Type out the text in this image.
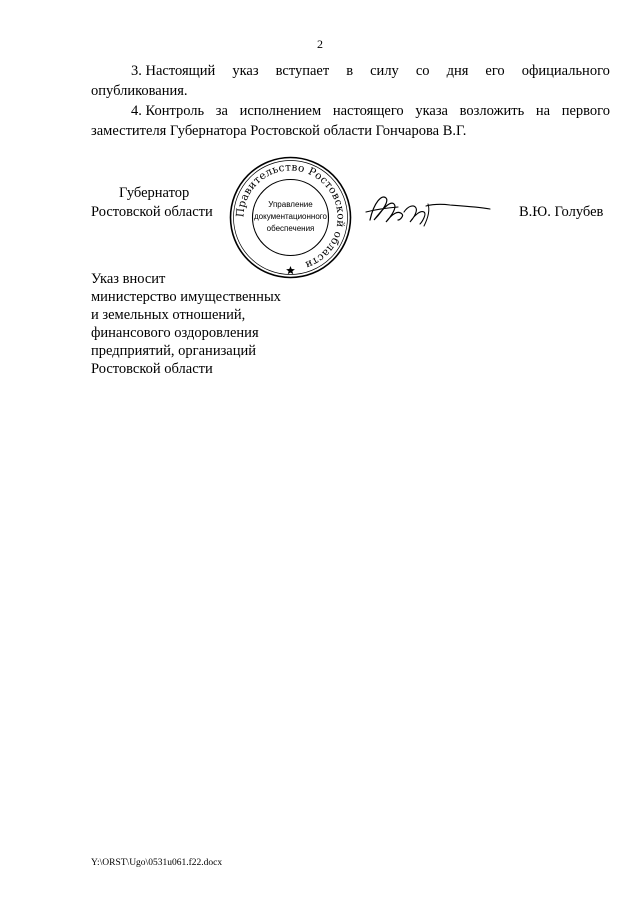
2
3. Настоящий указ вступает в силу со дня его официального
опубликования.
4. Контроль за исполнением настоящего указа возложить на первого
заместителя Губернатора Ростовской области Гончарова В.Г.
Губернатор
Ростовской области	В.Ю. Голубев
Правительство Ростовской области
Управление
документационного
обеспечения
Указ вносит
министерство имущественных
и земельных отношений,
финансового оздоровления
предприятий, организаций
Ростовской области
Y:\ORST\Ugo\0531u061.f22.docx
